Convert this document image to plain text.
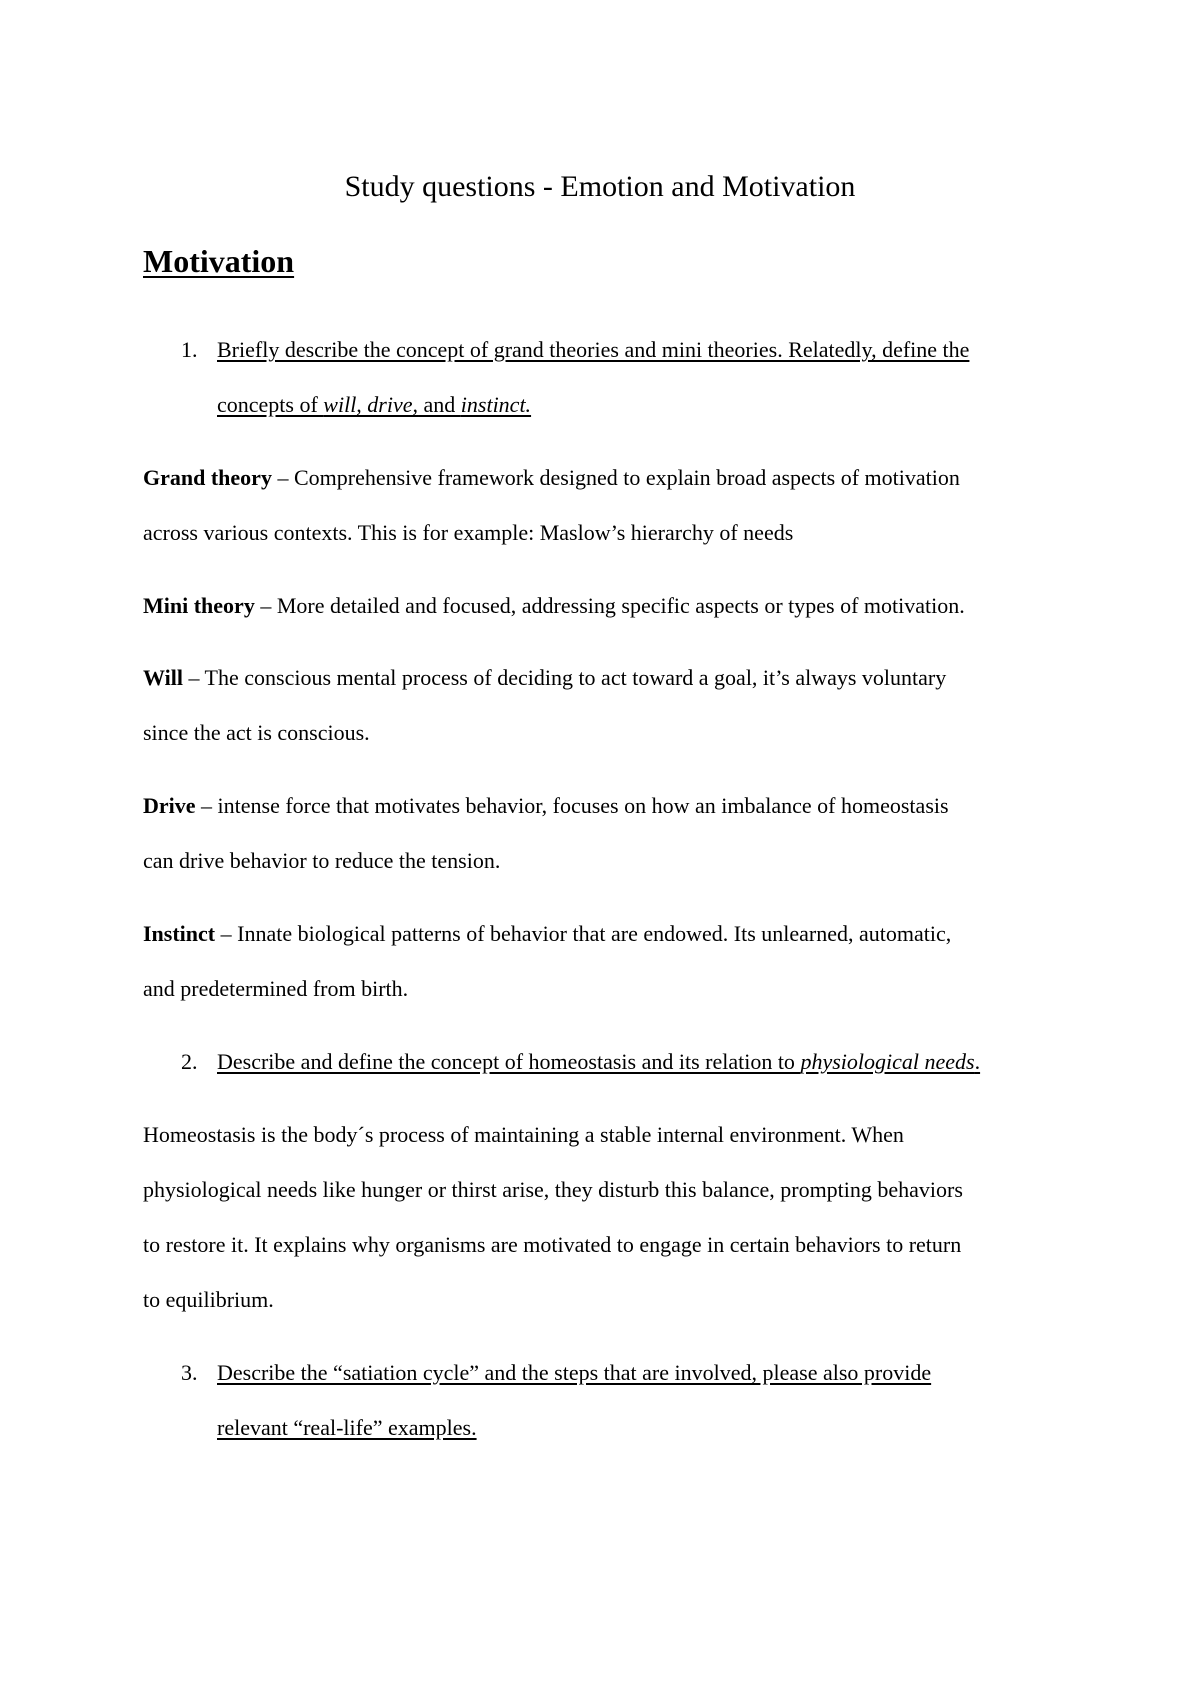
Study questions - Emotion and Motivation
Motivation
1. Briefly describe the concept of grand theories and mini theories. Relatedly, define the
concepts of will, drive, and instinct.
Grand theory – Comprehensive framework designed to explain broad aspects of motivation
across various contexts. This is for example: Maslow’s hierarchy of needs
Mini theory – More detailed and focused, addressing specific aspects or types of motivation.
Will – The conscious mental process of deciding to act toward a goal, it’s always voluntary
since the act is conscious.
Drive – intense force that motivates behavior, focuses on how an imbalance of homeostasis
can drive behavior to reduce the tension.
Instinct – Innate biological patterns of behavior that are endowed. Its unlearned, automatic,
and predetermined from birth.
2. Describe and define the concept of homeostasis and its relation to physiological needs.
Homeostasis is the body´s process of maintaining a stable internal environment. When
physiological needs like hunger or thirst arise, they disturb this balance, prompting behaviors
to restore it. It explains why organisms are motivated to engage in certain behaviors to return
to equilibrium.
3. Describe the “satiation cycle” and the steps that are involved, please also provide
relevant “real-life” examples.
